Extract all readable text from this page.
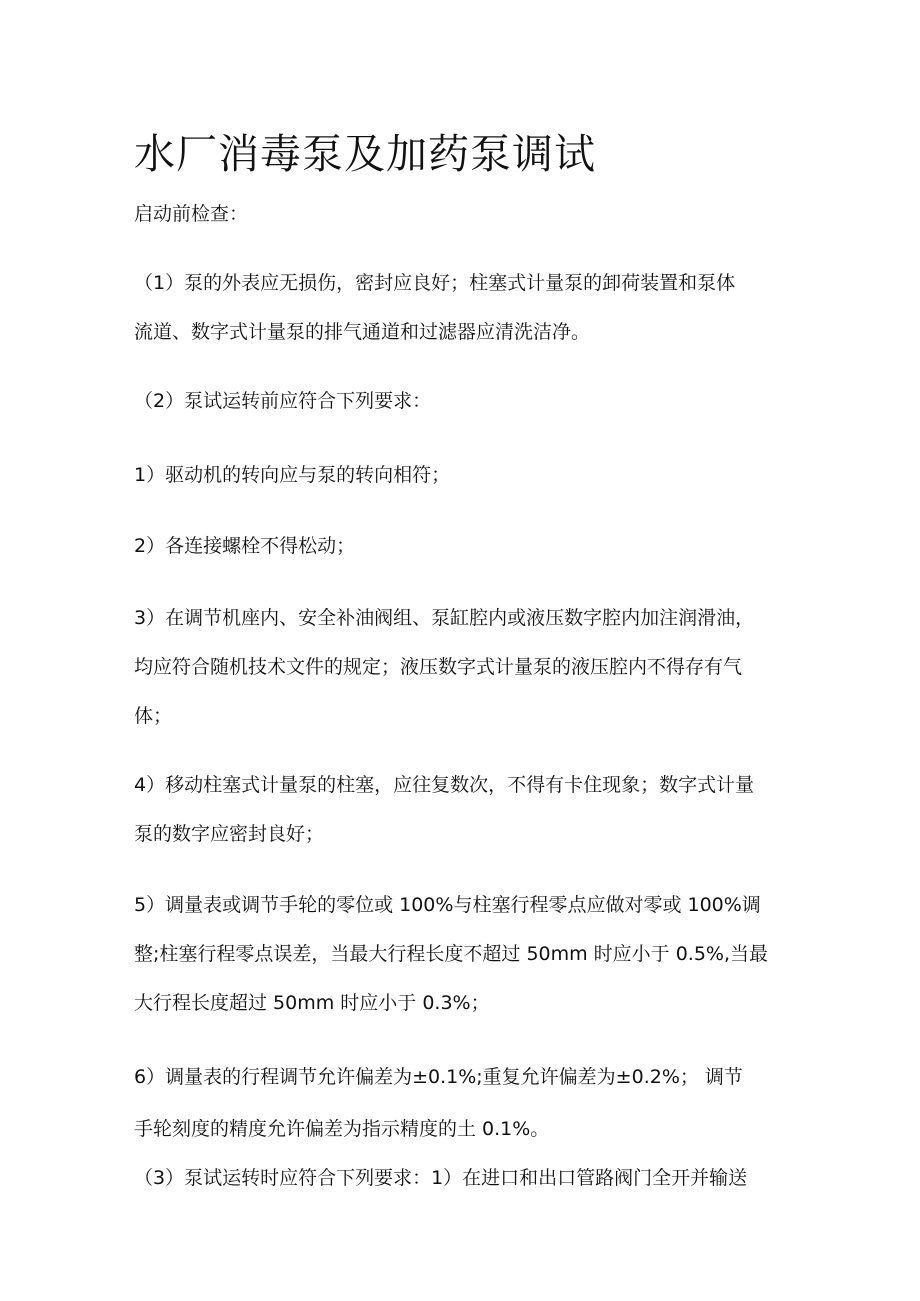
水厂消毒泵及加药泵调试

启动前检查：

（1）泵的外表应无损伤，密封应良好；柱塞式计量泵的卸荷装置和泵体

流道、数字式计量泵的排气通道和过滤器应清洗洁净。

（2）泵试运转前应符合下列要求：

1）驱动机的转向应与泵的转向相符；

2）各连接螺栓不得松动；

3）在调节机座内、安全补油阀组、泵缸腔内或液压数字腔内加注润滑油，

均应符合随机技术文件的规定；液压数字式计量泵的液压腔内不得存有气

体；

4）移动柱塞式计量泵的柱塞，应往复数次，不得有卡住现象；数字式计量

泵的数字应密封良好；

5）调量表或调节手轮的零位或 100%与柱塞行程零点应做对零或 100%调

整;柱塞行程零点误差，当最大行程长度不超过 50mm 时应小于 0.5%,当最

大行程长度超过 50mm 时应小于 0.3%；

6）调量表的行程调节允许偏差为±0.1%;重复允许偏差为±0.2%； 调节

手轮刻度的精度允许偏差为指示精度的土 0.1%。

（3）泵试运转时应符合下列要求：1）在进口和出口管路阀门全开并输送
